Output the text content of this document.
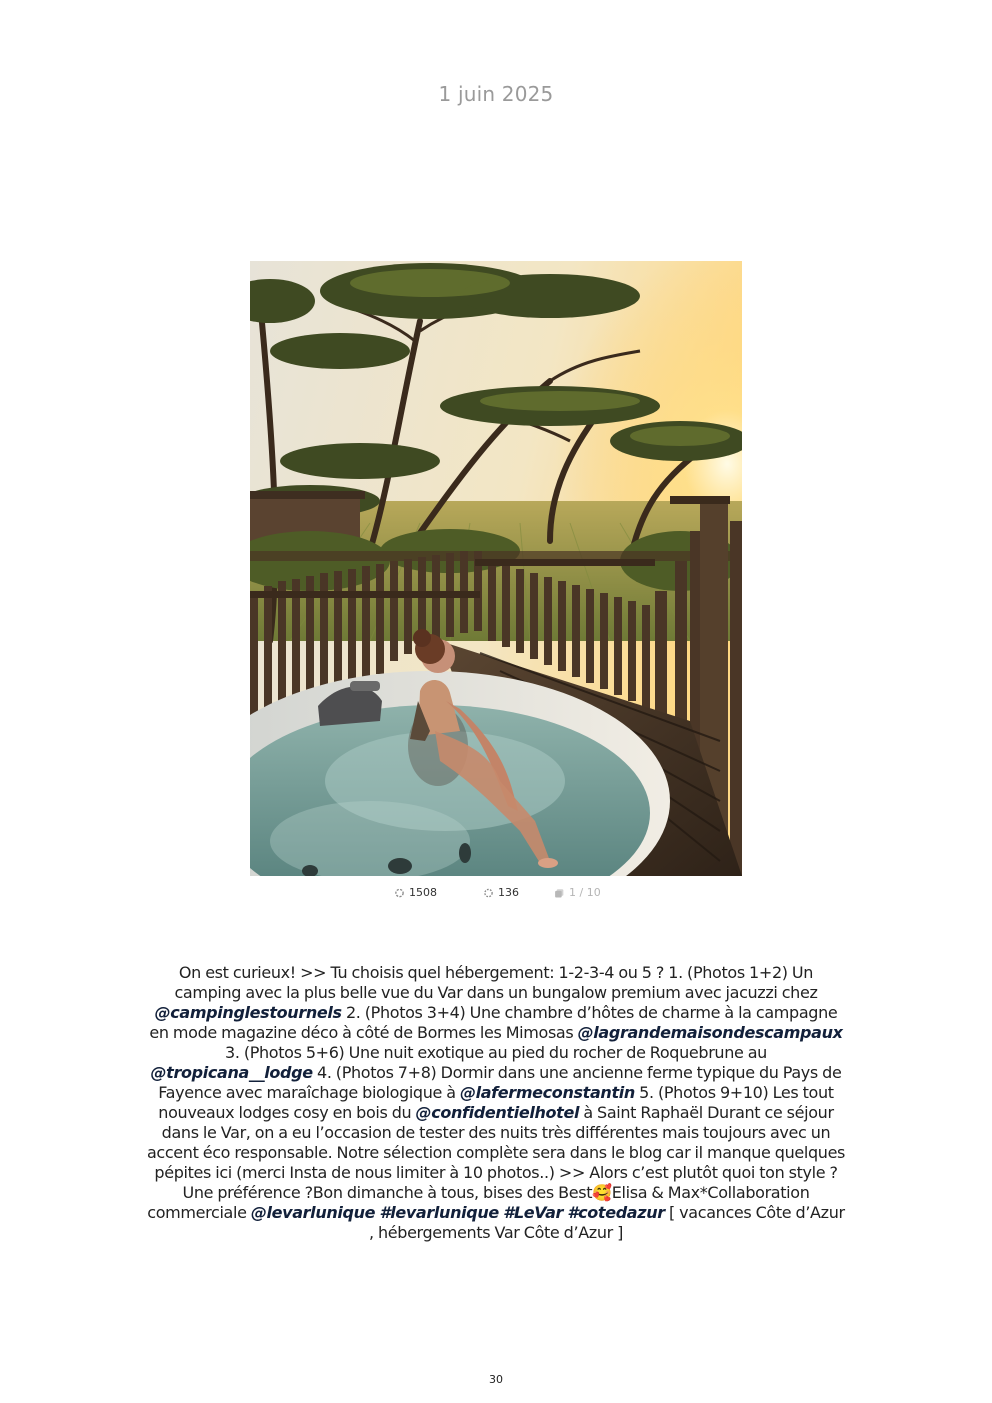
1 juin 2025
1508	136	1 / 10
On est curieux! >> Tu choisis quel hébergement: 1-2-3-4 ou 5 ? 1. (Photos 1+2) Un camping avec la plus belle vue du Var dans un bungalow premium avec jacuzzi chez @campinglestournels 2. (Photos 3+4) Une chambre d’hôtes de charme à la campagne en mode magazine déco à côté de Bormes les Mimosas @lagrandemaisondescampaux 3. (Photos 5+6) Une nuit exotique au pied du rocher de Roquebrune au @tropicana__lodge 4. (Photos 7+8) Dormir dans une ancienne ferme typique du Pays de Fayence avec maraîchage biologique à @lafermeconstantin 5. (Photos 9+10) Les tout nouveaux lodges cosy en bois du @confidentielhotel à Saint Raphaël Durant ce séjour dans le Var, on a eu l’occasion de tester des nuits très différentes mais toujours avec un accent éco responsable. Notre sélection complète sera dans le blog car il manque quelques pépites ici (merci Insta de nous limiter à 10 photos..) >> Alors c’est plutôt quoi ton style ? Une préférence ?Bon dimanche à tous, bises des Best🥰Elisa & Max*Collaboration commerciale @levarlunique #levarlunique #LeVar #cotedazur [ vacances Côte d’Azur , hébergements Var Côte d’Azur ]
30
